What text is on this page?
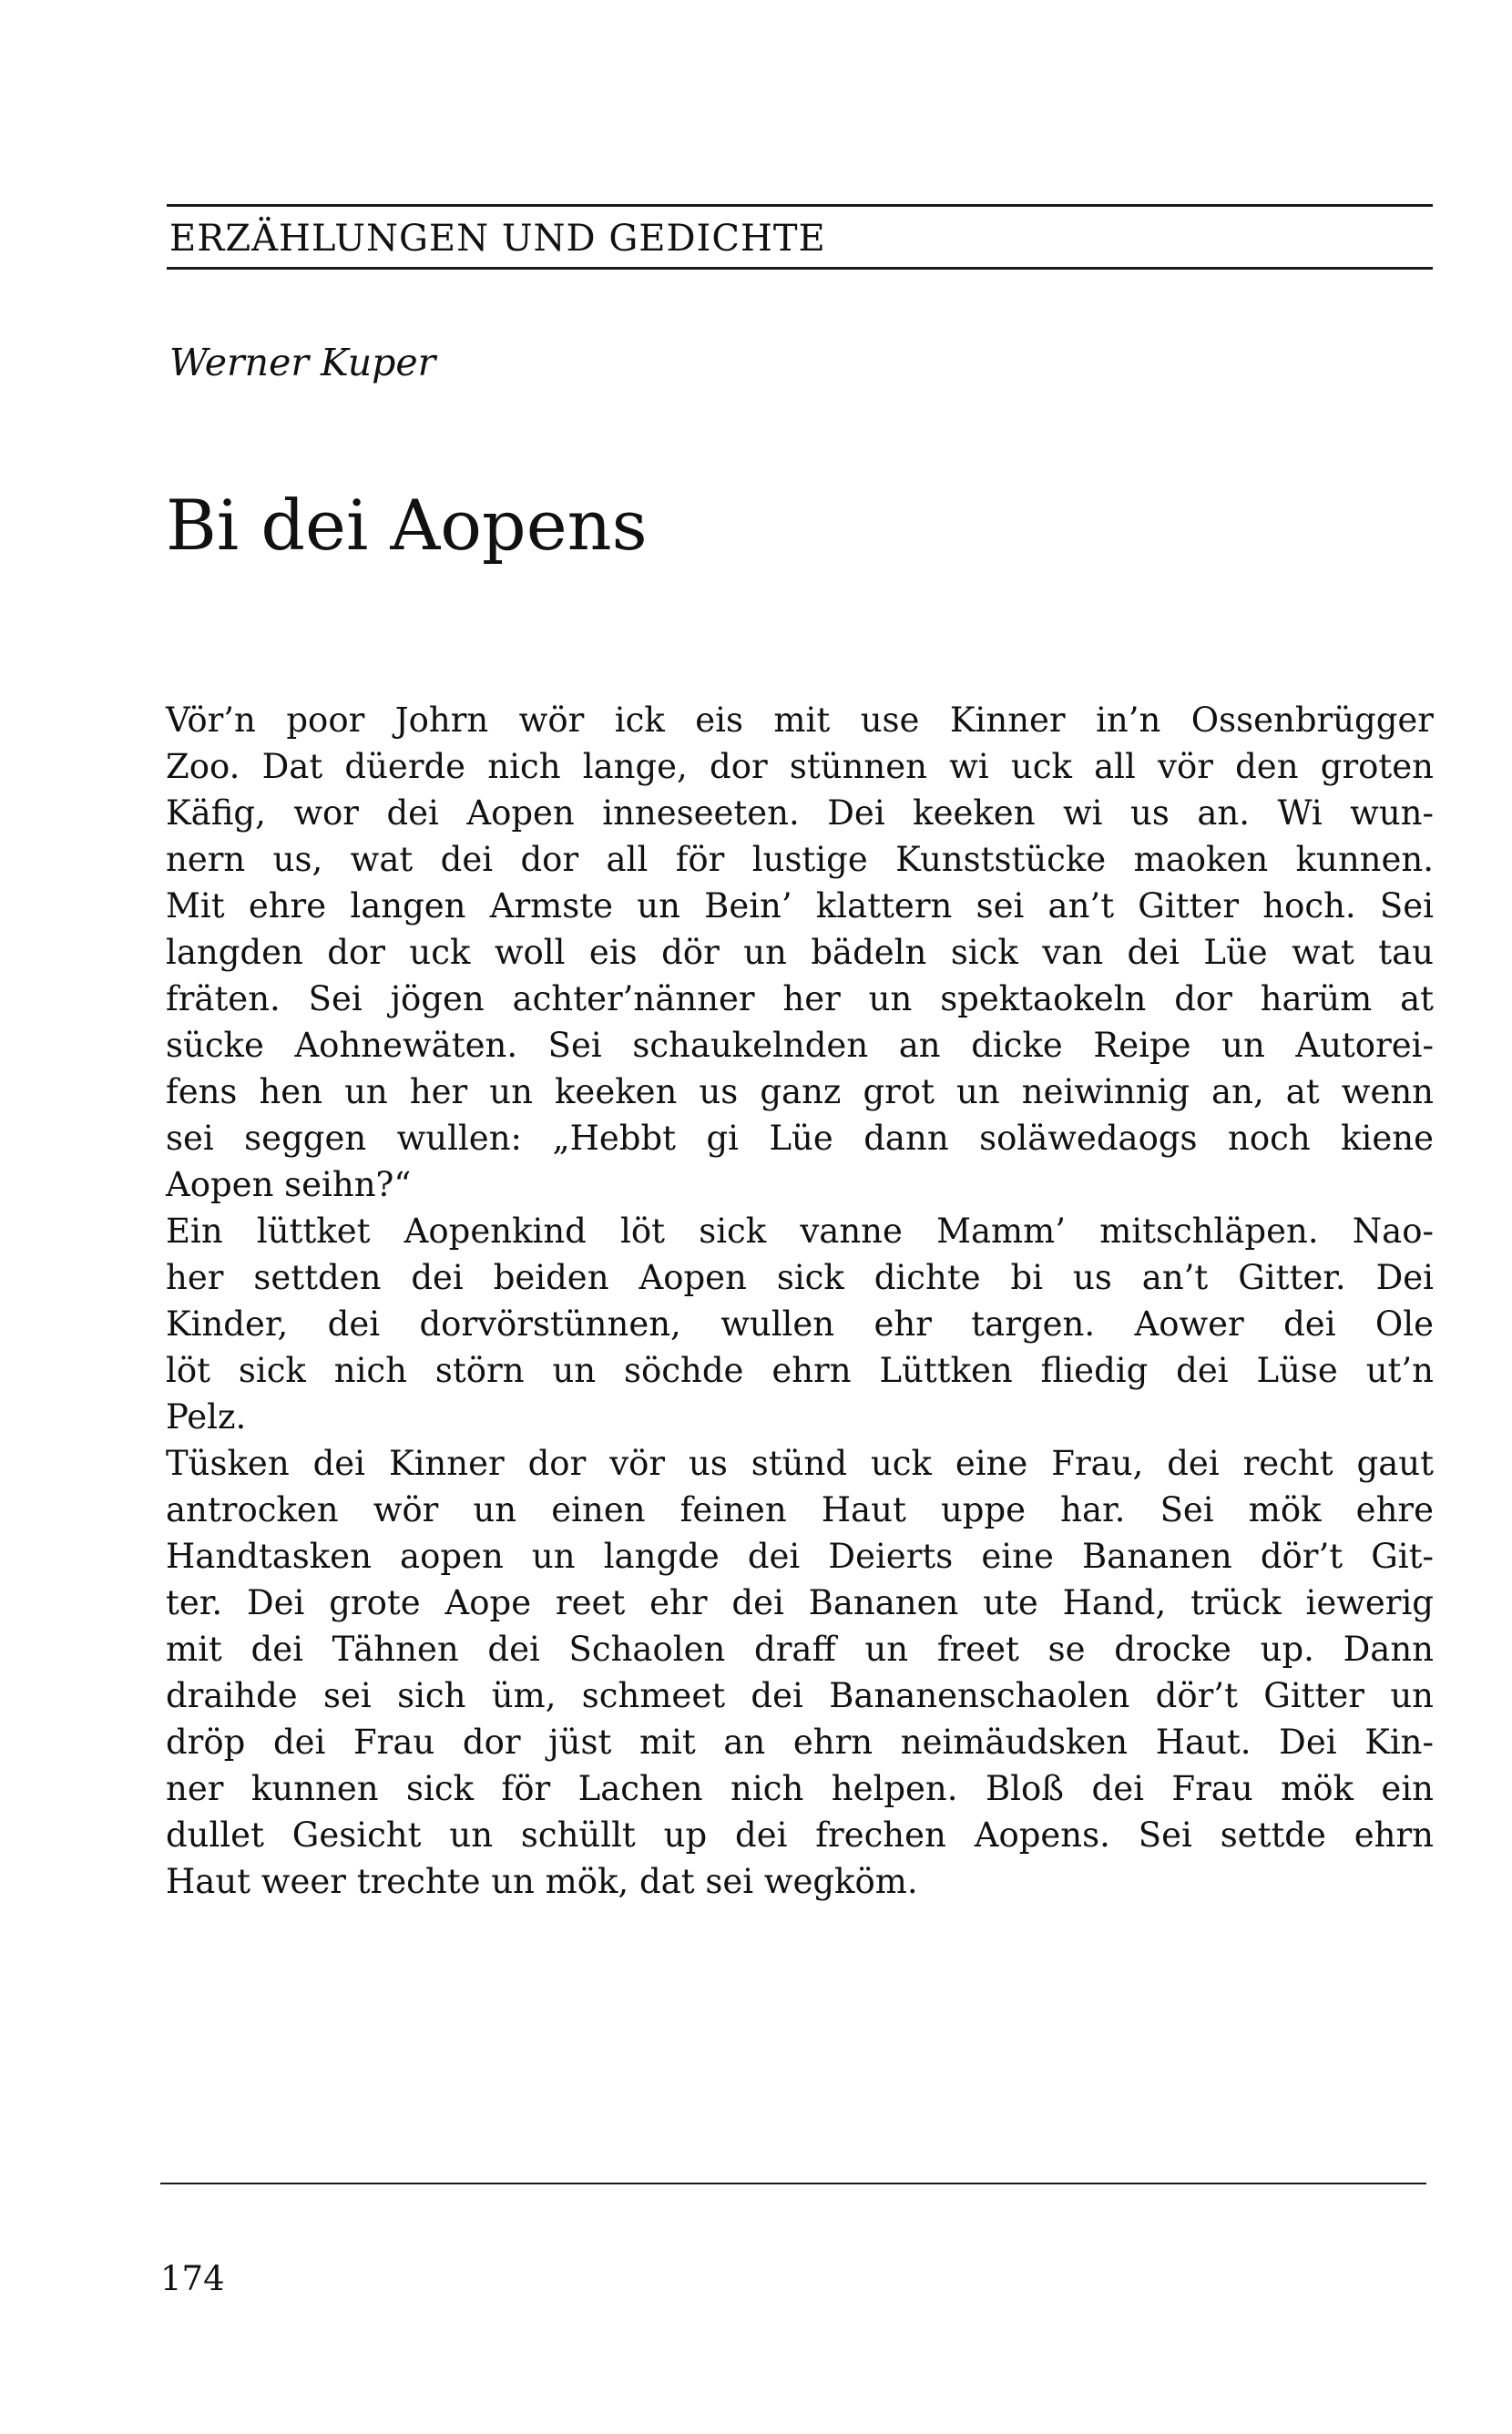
ERZÄHLUNGEN UND GEDICHTE
Werner Kuper
Bi dei Aopens
Vör’n poor Johrn wör ick eis mit use Kinner in’n Ossenbrügger
Zoo. Dat düerde nich lange, dor stünnen wi uck all vör den groten
Käfig, wor dei Aopen inneseeten. Dei keeken wi us an. Wi wun-
nern us, wat dei dor all för lustige Kunststücke maoken kunnen.
Mit ehre langen Armste un Bein’ klattern sei an’t Gitter hoch. Sei
langden dor uck woll eis dör un bädeln sick van dei Lüe wat tau
fräten. Sei jögen achter’nänner her un spektaokeln dor harüm at
sücke Aohnewäten. Sei schaukelnden an dicke Reipe un Autorei-
fens hen un her un keeken us ganz grot un neiwinnig an, at wenn
sei seggen wullen: „Hebbt gi Lüe dann soläwedaogs noch kiene
Aopen seihn?“
Ein lüttket Aopenkind löt sick vanne Mamm’ mitschläpen. Nao-
her settden dei beiden Aopen sick dichte bi us an’t Gitter. Dei
Kinder, dei dorvörstünnen, wullen ehr targen. Aower dei Ole
löt sick nich störn un söchde ehrn Lüttken fliedig dei Lüse ut’n
Pelz.
Tüsken dei Kinner dor vör us stünd uck eine Frau, dei recht gaut
antrocken wör un einen feinen Haut uppe har. Sei mök ehre
Handtasken aopen un langde dei Deierts eine Bananen dör’t Git-
ter. Dei grote Aope reet ehr dei Bananen ute Hand, trück iewerig
mit dei Tähnen dei Schaolen draff un freet se drocke up. Dann
draihde sei sich üm, schmeet dei Bananenschaolen dör’t Gitter un
dröp dei Frau dor jüst mit an ehrn neimäudsken Haut. Dei Kin-
ner kunnen sick för Lachen nich helpen. Bloß dei Frau mök ein
dullet Gesicht un schüllt up dei frechen Aopens. Sei settde ehrn
Haut weer trechte un mök, dat sei wegköm.
174
